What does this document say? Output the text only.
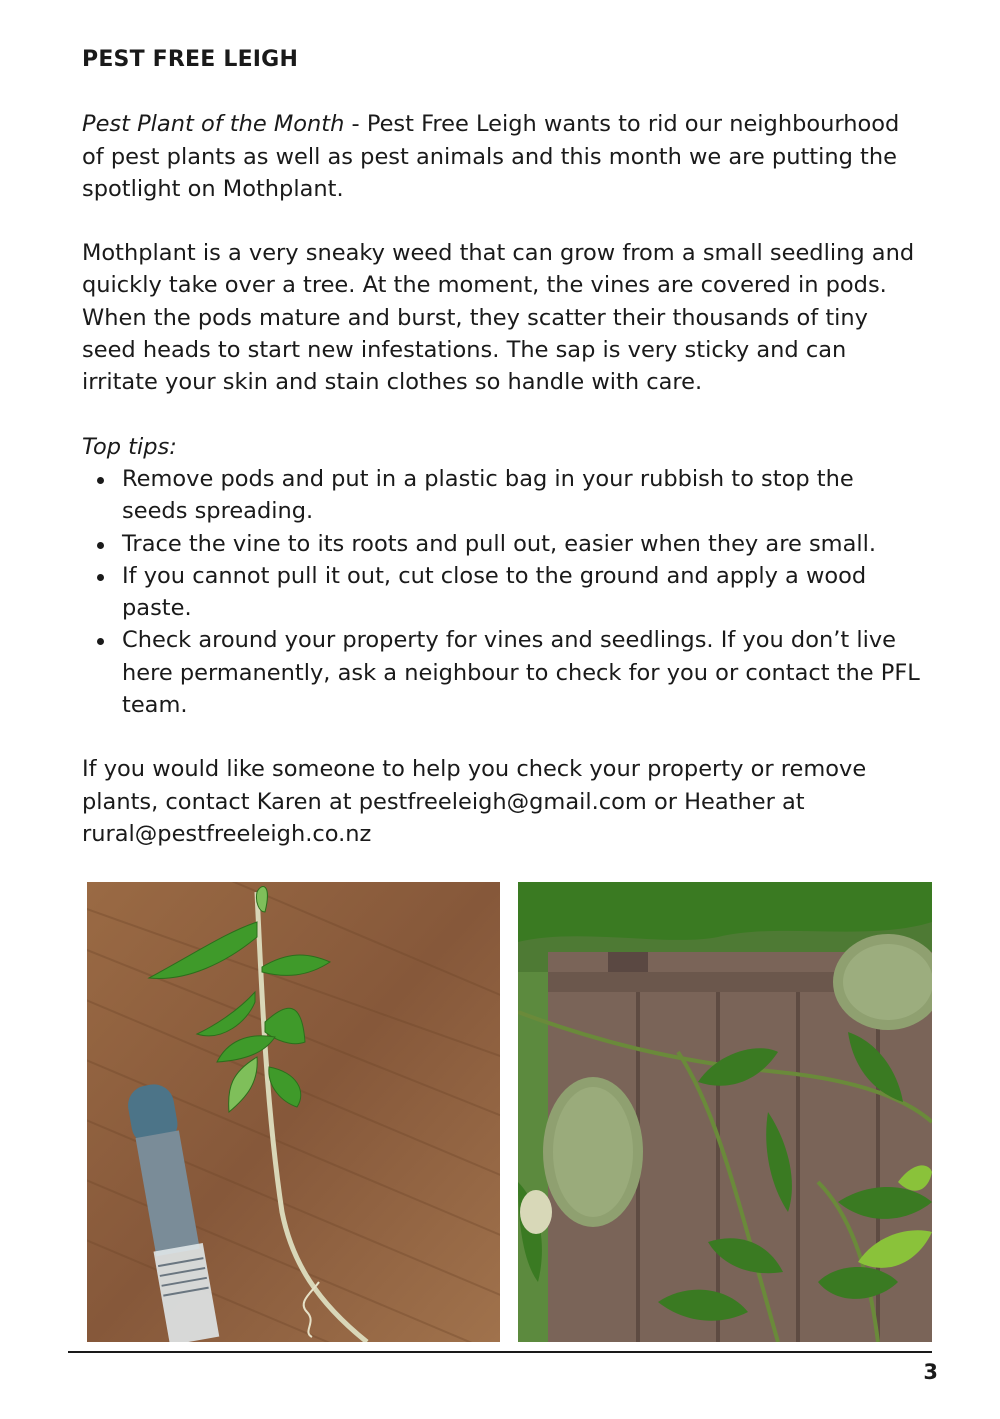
PEST FREE LEIGH

Pest Plant of the Month - Pest Free Leigh wants to rid our neighbourhood of pest plants as well as pest animals and this month we are putting the spotlight on Mothplant.

Mothplant is a very sneaky weed that can grow from a small seedling and quickly take over a tree. At the moment, the vines are covered in pods. When the pods mature and burst, they scatter their thousands of tiny seed heads to start new infestations. The sap is very sticky and can irritate your skin and stain clothes so handle with care.

Top tips:

Remove pods and put in a plastic bag in your rubbish to stop the seeds spreading.
Trace the vine to its roots and pull out, easier when they are small.
If you cannot pull it out, cut close to the ground and apply a wood paste.
Check around your property for vines and seedlings. If you don’t live here permanently, ask a neighbour to check for you or contact the PFL team.

If you would like someone to help you check your property or remove plants, contact Karen at pestfreeleigh@gmail.com or Heather at rural@pestfreeleigh.co.nz

3
